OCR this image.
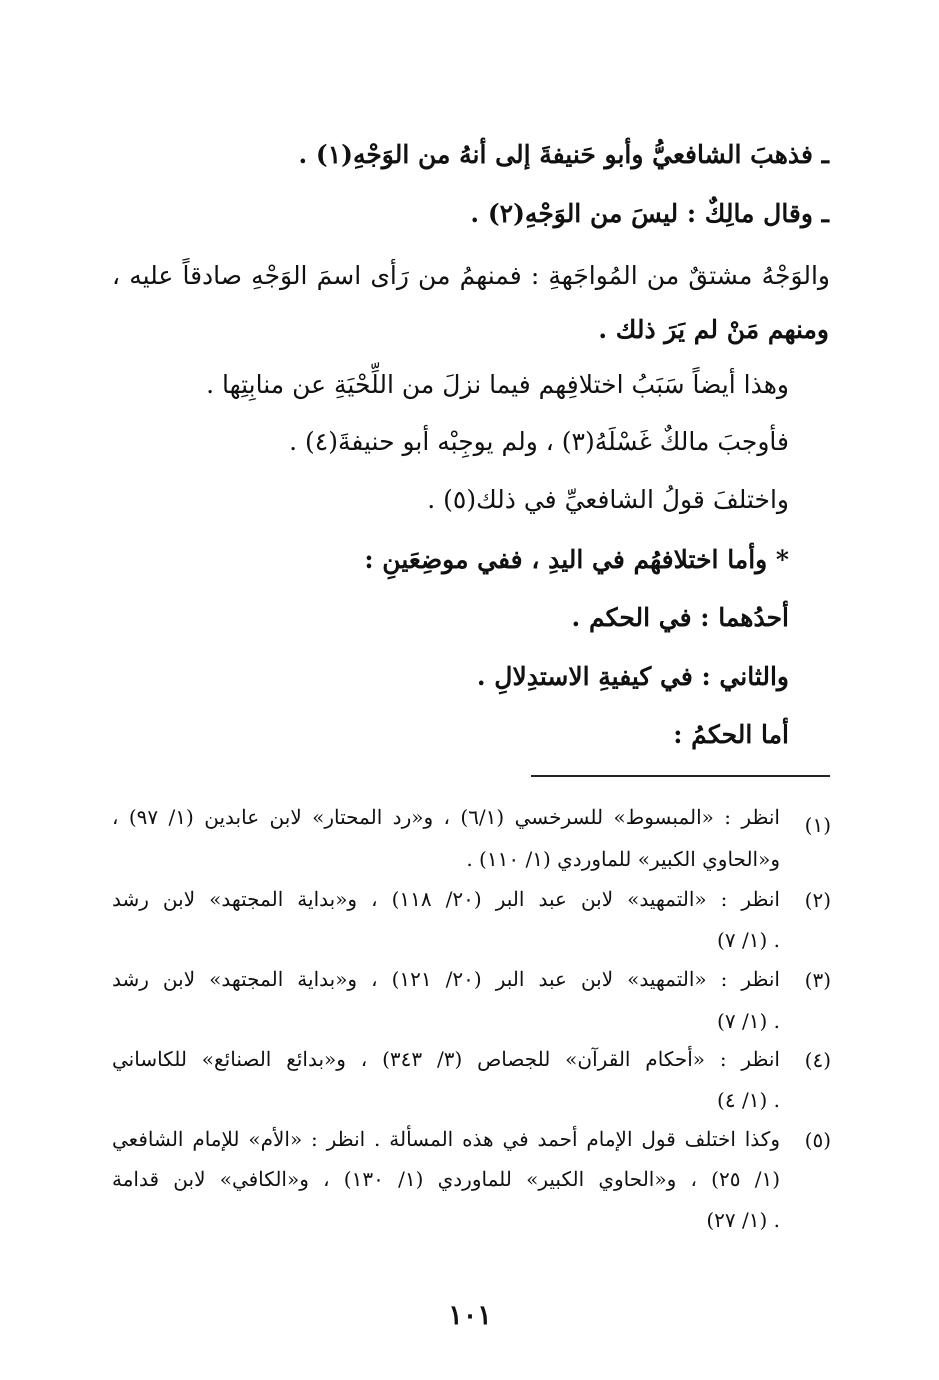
ـ فذهبَ الشافعيُّ وأبو حَنيفةَ إلى أنهُ من الوَجْهِ(١) .
ـ وقال مالِكٌ : ليسَ من الوَجْهِ(٢) .
والوَجْهُ مشتقٌ من المُواجَهةِ : فمنهمُ من رَأى اسمَ الوَجْهِ صادقاً عليه ،
ومنهم مَنْ لم يَرَ ذلك .
وهذا أيضاً سَبَبُ اختلافِهم فيما نزلَ من اللِّحْيَةِ عن منابِتِها .
فأوجبَ مالكٌ غَسْلَهُ(٣) ، ولم يوجِبْه أبو حنيفةَ(٤) .
واختلفَ قولُ الشافعيِّ في ذلك(٥) .
* وأما اختلافهُم في اليدِ ، ففي موضِعَينِ :
أحدُهما : في الحكم .
والثاني : في كيفيةِ الاستدِلالِ .
أما الحكمُ :
(١)
انظر : «المبسوط» للسرخسي (٦/١) ، و«رد المحتار» لابن عابدين (١/ ٩٧) ،
و«الحاوي الكبير» للماوردي (١/ ١١٠) .
(٢)
انظر : «التمهيد» لابن عبد البر (٢٠/ ١١٨) ، و«بداية المجتهد» لابن رشد
(١/ ٧) .
(٣)
انظر : «التمهيد» لابن عبد البر (٢٠/ ١٢١) ، و«بداية المجتهد» لابن رشد
(١/ ٧) .
(٤)
انظر : «أحكام القرآن» للجصاص (٣/ ٣٤٣) ، و«بدائع الصنائع» للكاساني
(١/ ٤) .
(٥)
وكذا اختلف قول الإمام أحمد في هذه المسألة . انظر : «الأم» للإمام الشافعي
(١/ ٢٥) ، و«الحاوي الكبير» للماوردي (١/ ١٣٠) ، و«الكافي» لابن قدامة
(١/ ٢٧) .
١٠١
